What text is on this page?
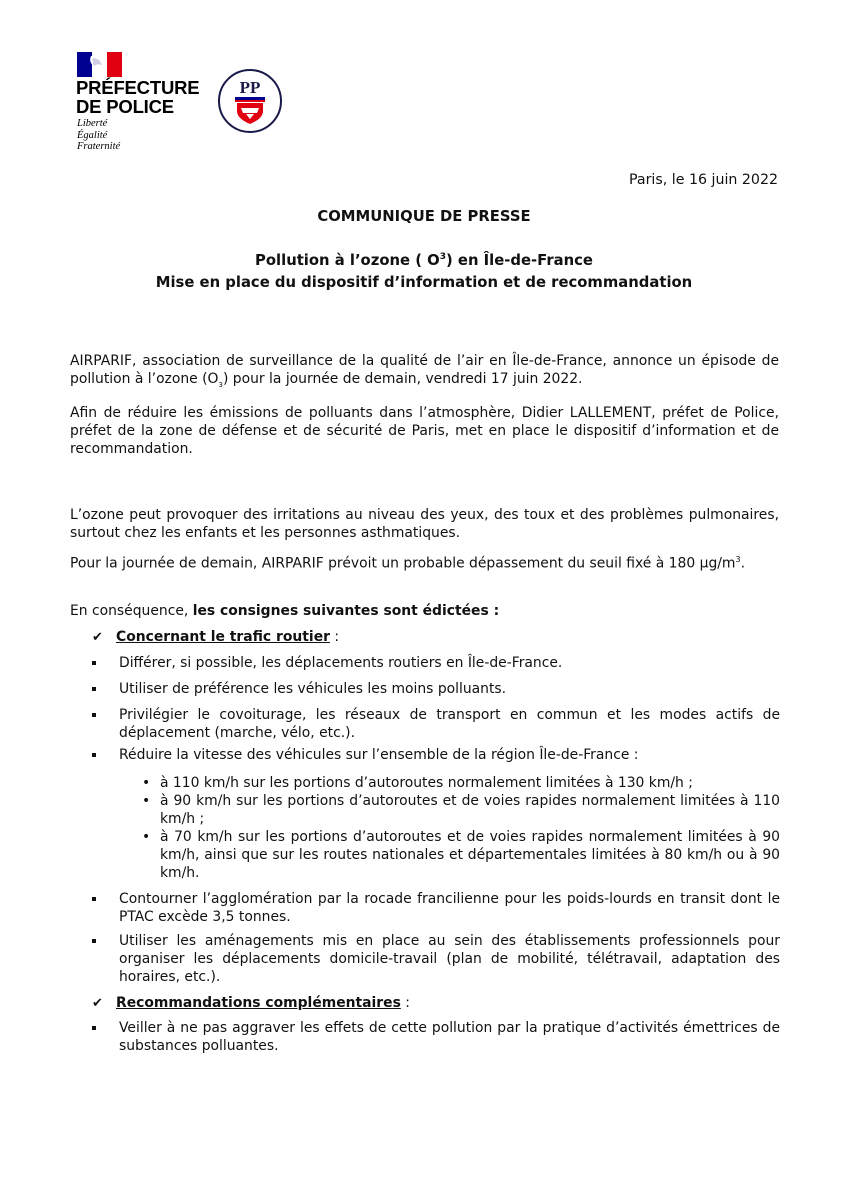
PRÉFECTURE
DE POLICE
Liberté
Égalité
Fraternité
PP
Paris, le 16 juin 2022
COMMUNIQUE DE PRESSE
Pollution à l’ozone ( $O^3$) en Île-de-France
Mise en place du dispositif d’information et de recommandation
AIRPARIF, association de surveillance de la qualité de l’air en Île-de-France, annonce un épisode de pollution à l’ozone $(O_3)$ pour la journée de demain, vendredi 17 juin 2022.
Afin de réduire les émissions de polluants dans l’atmosphère, Didier LALLEMENT, préfet de Police, préfet de la zone de défense et de sécurité de Paris, met en place le dispositif d’information et de recommandation.
L’ozone peut provoquer des irritations au niveau des yeux, des toux et des problèmes pulmonaires, surtout chez les enfants et les personnes asthmatiques.
Pour la journée de demain, AIRPARIF prévoit un probable dépassement du seuil fixé à 180 $\mu g/m^3$.
En conséquence, les consignes suivantes sont édictées :
✔ Concernant le trafic routier :
Différer, si possible, les déplacements routiers en Île-de-France.
Utiliser de préférence les véhicules les moins polluants.
Privilégier le covoiturage, les réseaux de transport en commun et les modes actifs de déplacement (marche, vélo, etc.).
Réduire la vitesse des véhicules sur l’ensemble de la région Île-de-France :
• à 110 km/h sur les portions d’autoroutes normalement limitées à 130 km/h ;
• à 90 km/h sur les portions d’autoroutes et de voies rapides normalement limitées à 110 km/h ;
• à 70 km/h sur les portions d’autoroutes et de voies rapides normalement limitées à 90 km/h, ainsi que sur les routes nationales et départementales limitées à 80 km/h ou à 90 km/h.
Contourner l’agglomération par la rocade francilienne pour les poids-lourds en transit dont le PTAC excède 3,5 tonnes.
Utiliser les aménagements mis en place au sein des établissements professionnels pour organiser les déplacements domicile-travail (plan de mobilité, télétravail, adaptation des horaires, etc.).
✔ Recommandations complémentaires :
Veiller à ne pas aggraver les effets de cette pollution par la pratique d’activités émettrices de substances polluantes.
